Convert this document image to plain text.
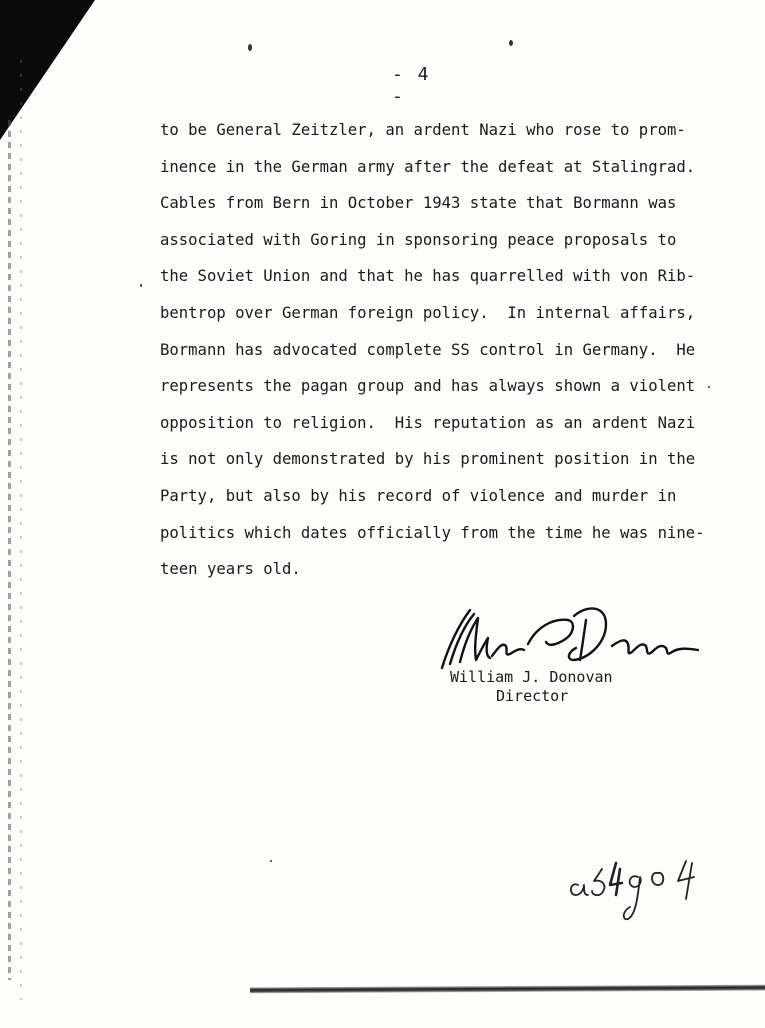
- 4 -
to be General Zeitzler, an ardent Nazi who rose to prom-
inence in the German army after the defeat at Stalingrad.
Cables from Bern in October 1943 state that Bormann was
associated with Goring in sponsoring peace proposals to
the Soviet Union and that he has quarrelled with von Rib-
bentrop over German foreign policy.  In internal affairs,
Bormann has advocated complete SS control in Germany.  He
represents the pagan group and has always shown a violent
opposition to religion.  His reputation as an ardent Nazi
is not only demonstrated by his prominent position in the
Party, but also by his record of violence and murder in
politics which dates officially from the time he was nine-
teen years old.
William J. Donovan
Director
